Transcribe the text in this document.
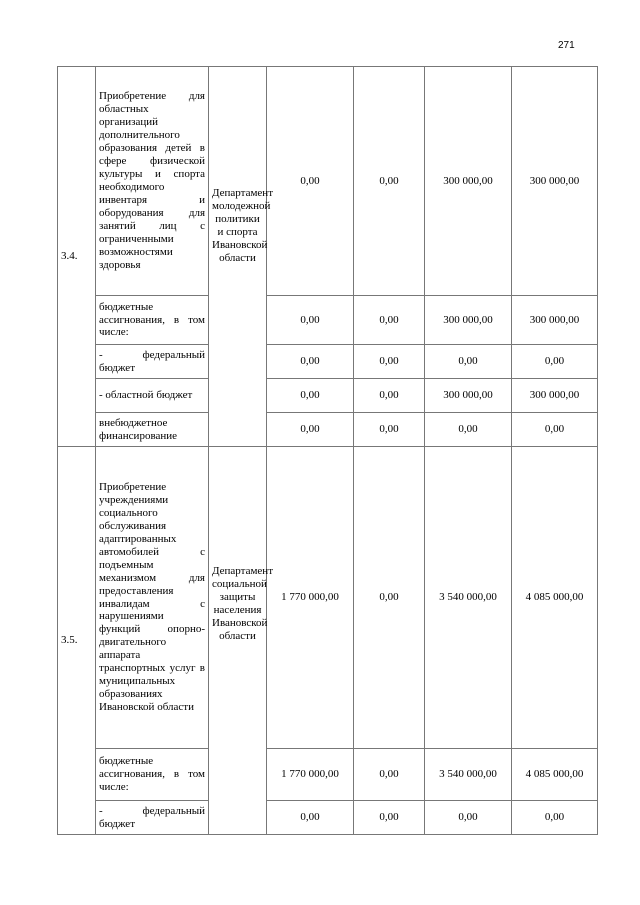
271
3.4.	Приобретение для областных организаций дополнительного образования детей в сфере физической культуры и спорта необходимого инвентаря и оборудования для занятий лиц с ограниченными возможностями здоровья	Департамент молодежной политики и спорта Ивановской области	0,00	0,00	300 000,00	300 000,00
	бюджетные ассигнования, в том числе:		0,00	0,00	300 000,00	300 000,00
	- федеральный бюджет		0,00	0,00	0,00	0,00
	- областной бюджет		0,00	0,00	300 000,00	300 000,00
	внебюджетное финансирование		0,00	0,00	0,00	0,00
3.5.	Приобретение учреждениями социального обслуживания адаптированных автомобилей с подъемным механизмом для предоставления инвалидам с нарушениями функций опорно-двигательного аппарата транспортных услуг в муниципальных образованиях Ивановской области	Департамент социальной защиты населения Ивановской области	1 770 000,00	0,00	3 540 000,00	4 085 000,00
	бюджетные ассигнования, в том числе:		1 770 000,00	0,00	3 540 000,00	4 085 000,00
	- федеральный бюджет		0,00	0,00	0,00	0,00
